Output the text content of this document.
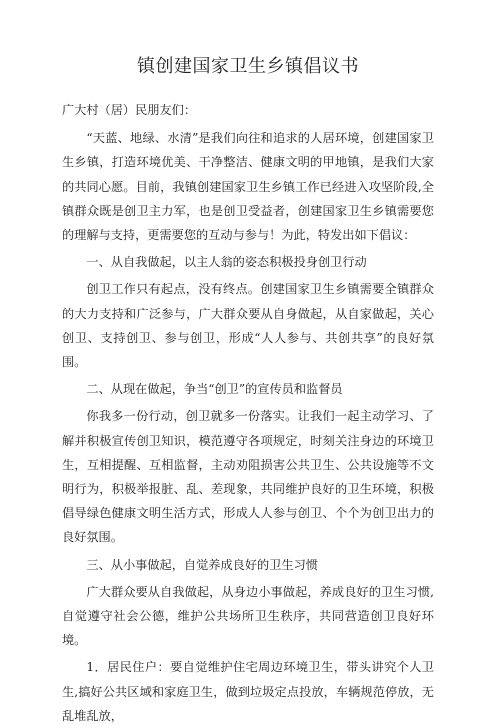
镇创建国家卫生乡镇倡议书

广大村（居）民朋友们：

“天蓝、地绿、水清”是我们向往和追求的人居环境，创建国家卫生乡镇，打造环境优美、干净整洁、健康文明的甲地镇，是我们大家的共同心愿。目前，我镇创建国家卫生乡镇工作已经进入攻坚阶段,全镇群众既是创卫主力军，也是创卫受益者，创建国家卫生乡镇需要您的理解与支持，更需要您的互动与参与！为此，特发出如下倡议：

一、从自我做起，以主人翁的姿态积极投身创卫行动

创卫工作只有起点，没有终点。创建国家卫生乡镇需要全镇群众的大力支持和广泛参与，广大群众要从自身做起，从自家做起，关心创卫、支持创卫、参与创卫，形成“人人参与、共创共享”的良好氛围。

二、从现在做起，争当“创卫”的宣传员和监督员

你我多一份行动，创卫就多一份落实。让我们一起主动学习、了解并积极宣传创卫知识，模范遵守各项规定，时刻关注身边的环境卫生，互相提醒、互相监督，主动劝阻损害公共卫生、公共设施等不文明行为，积极举报脏、乱、差现象，共同维护良好的卫生环境，积极倡导绿色健康文明生活方式，形成人人参与创卫、个个为创卫出力的良好氛围。

三、从小事做起，自觉养成良好的卫生习惯

广大群众要从自我做起，从身边小事做起，养成良好的卫生习惯,自觉遵守社会公德，维护公共场所卫生秩序，共同营造创卫良好环境。

1．居民住户：要自觉维护住宅周边环境卫生，带头讲究个人卫生,搞好公共区域和家庭卫生，做到垃圾定点投放，车辆规范停放，无乱堆乱放，
